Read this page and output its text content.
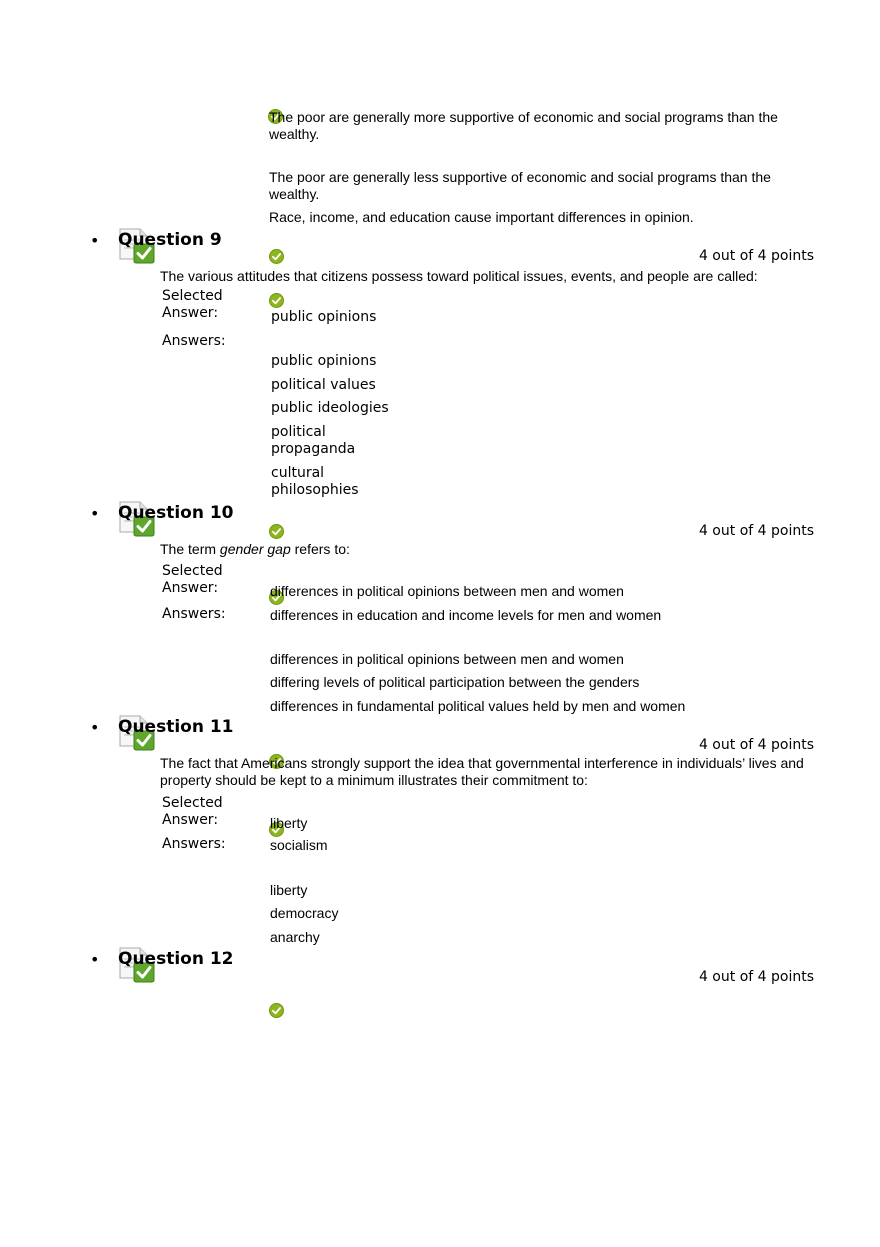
The poor are generally more supportive of economic and social programs than the wealthy.
The poor are generally less supportive of economic and social programs than the wealthy.
Race, income, and education cause important differences in opinion.
• Question 9
4 out of 4 points
The various attitudes that citizens possess toward political issues, events, and people are called:
Selected Answer:	public opinions
Answers:
public opinions
political values
public ideologies
political propaganda
cultural philosophies
• Question 10
4 out of 4 points
The term gender gap refers to:
Selected Answer:	differences in political opinions between men and women
Answers:	differences in education and income levels for men and women
differences in political opinions between men and women
differing levels of political participation between the genders
differences in fundamental political values held by men and women
• Question 11
4 out of 4 points
The fact that Americans strongly support the idea that governmental interference in individuals’ lives and property should be kept to a minimum illustrates their commitment to:
Selected Answer:	liberty
Answers:	socialism
liberty
democracy
anarchy
• Question 12
4 out of 4 points
